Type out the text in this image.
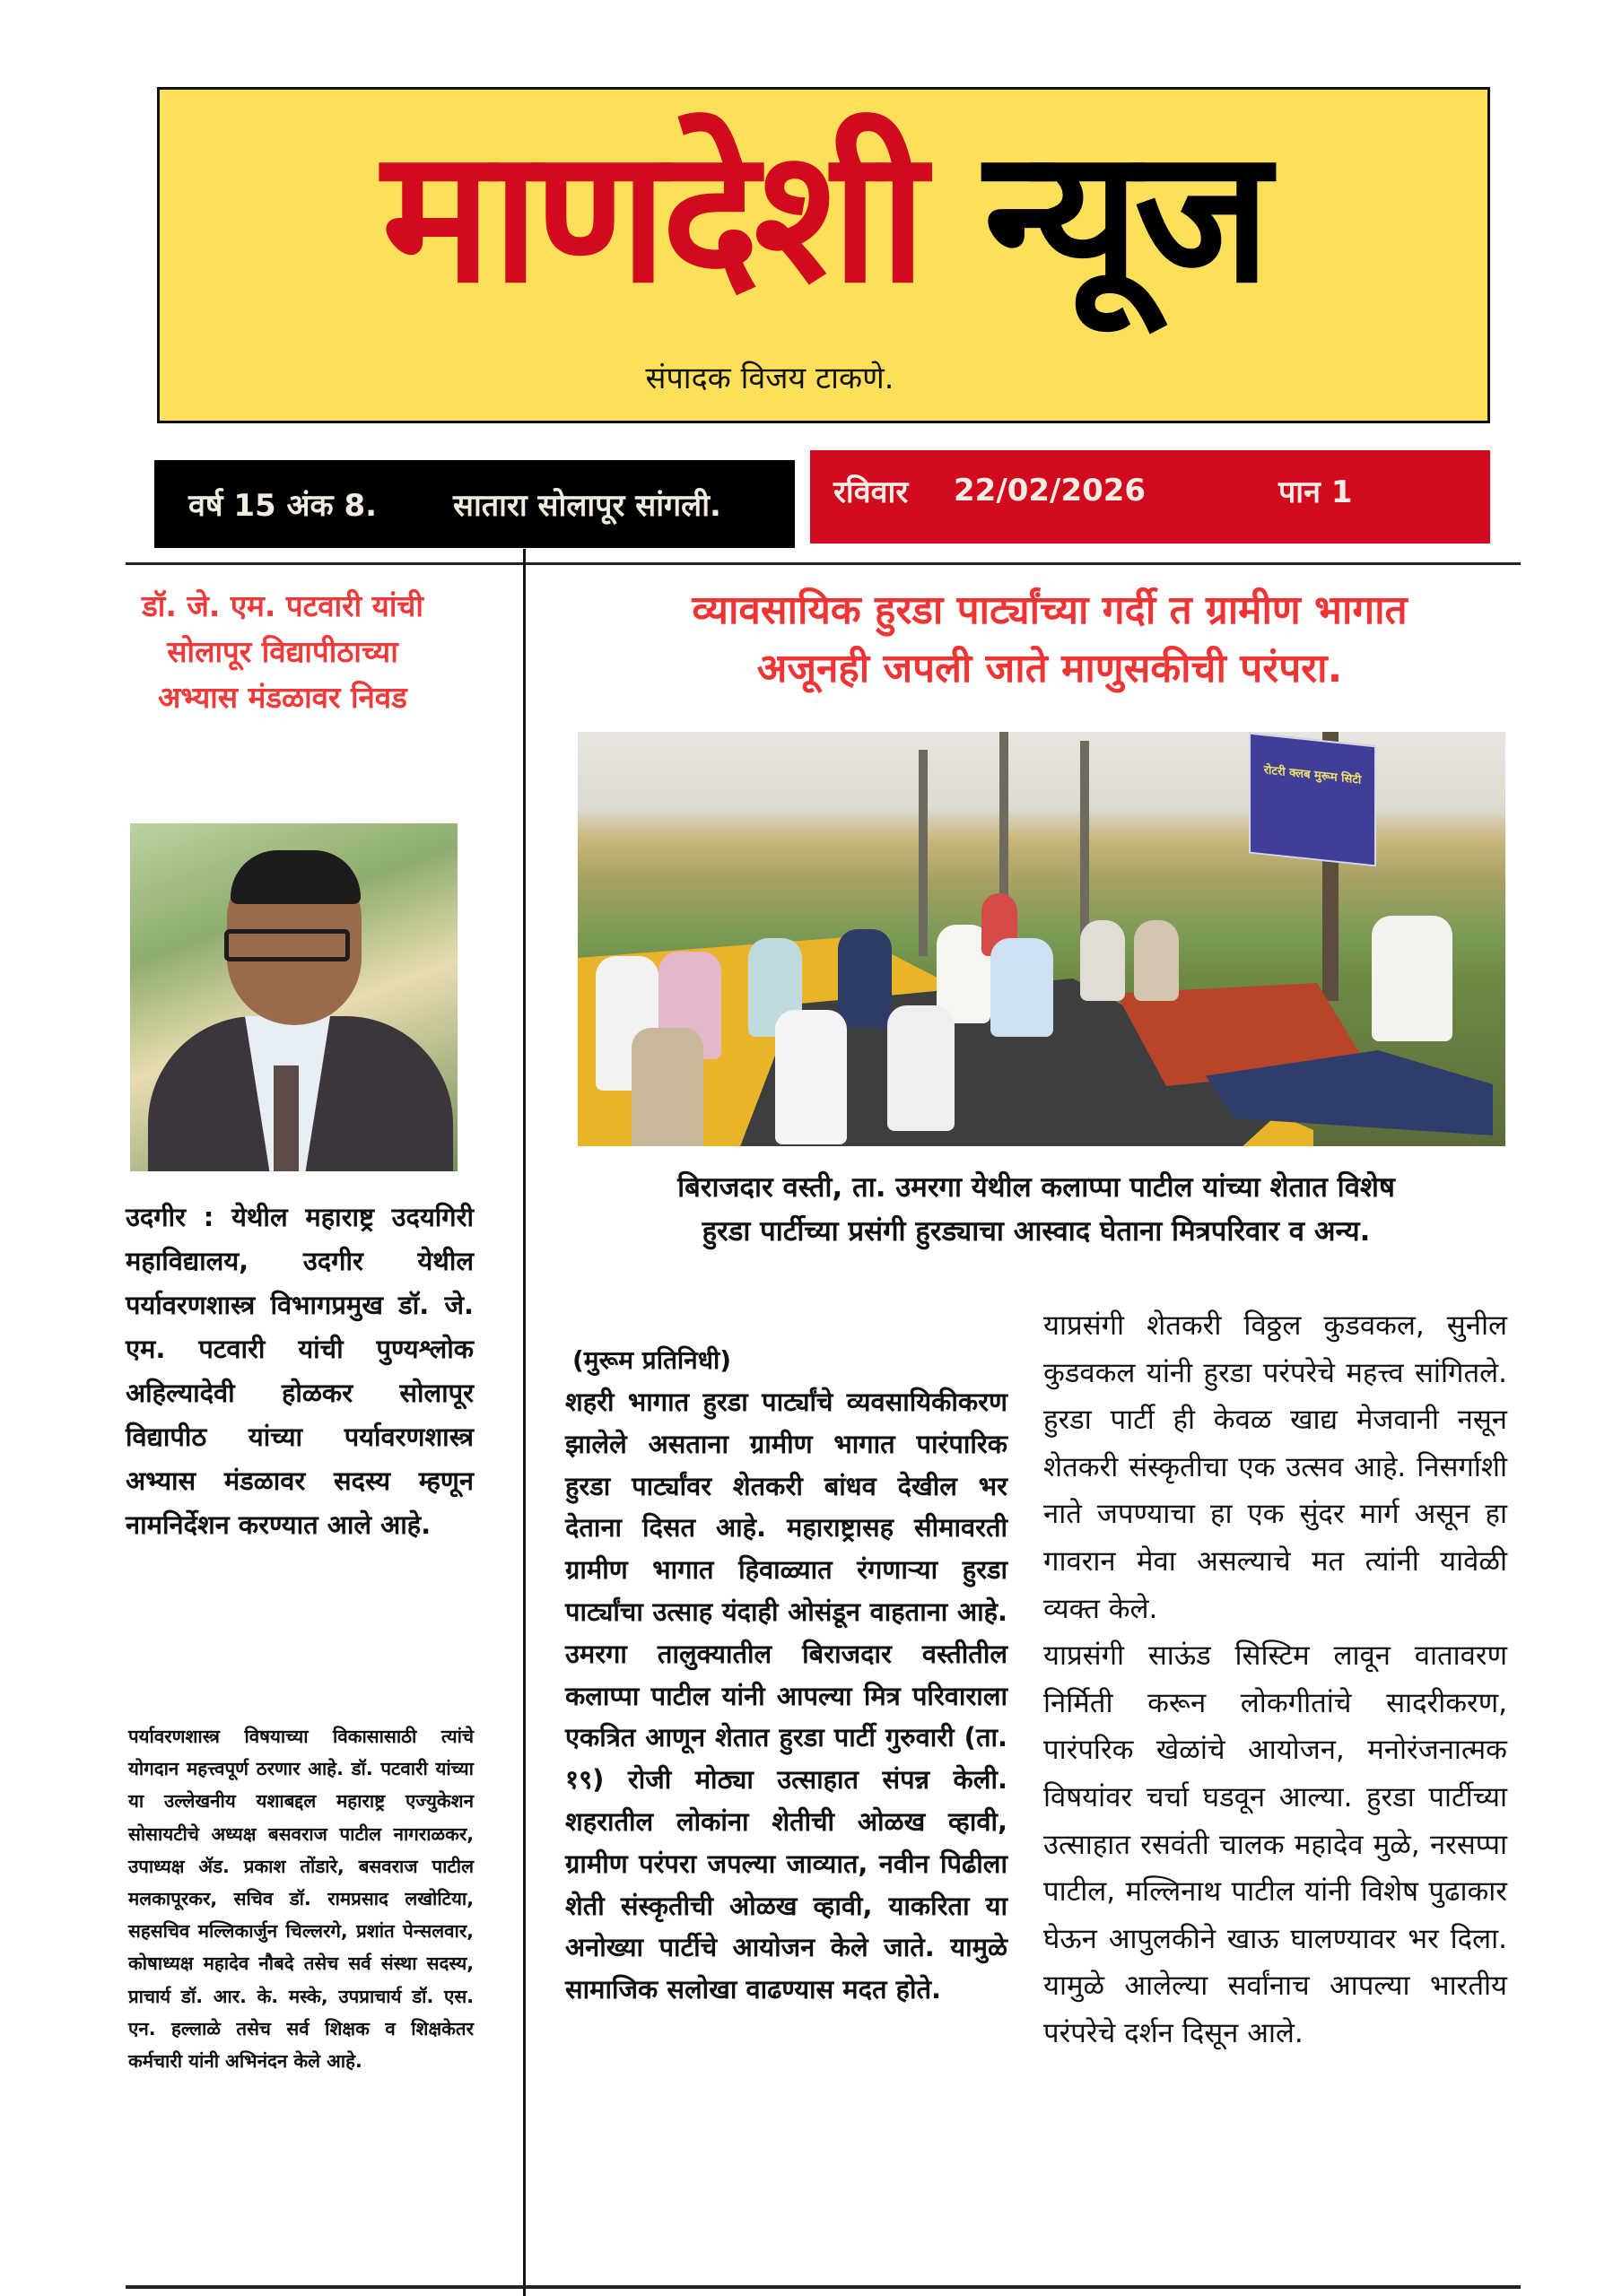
माणदेशी न्यूज
संपादक विजय टाकणे.
वर्ष 15 अंक 8.	सातारा सोलापूर सांगली.	रविवार	22/02/2026	पान 1
डॉ. जे. एम. पटवारी यांची सोलापूर विद्यापीठाच्या अभ्यास मंडळावर निवड
उदगीर : येथील महाराष्ट्र उदयगिरी महाविद्यालय, उदगीर येथील पर्यावरणशास्त्र विभागप्रमुख डॉ. जे. एम. पटवारी यांची पुण्यश्लोक अहिल्यादेवी होळकर सोलापूर विद्यापीठ यांच्या पर्यावरणशास्त्र अभ्यास मंडळावर सदस्य म्हणून नामनिर्देशन करण्यात आले आहे.
पर्यावरणशास्त्र विषयाच्या विकासासाठी त्यांचे योगदान महत्त्वपूर्ण ठरणार आहे. डॉ. पटवारी यांच्या या उल्लेखनीय यशाबद्दल महाराष्ट्र एज्युकेशन सोसायटीचे अध्यक्ष बसवराज पाटील नागराळकर, उपाध्यक्ष ॲड. प्रकाश तोंडारे, बसवराज पाटील मलकापूरकर, सचिव डॉ. रामप्रसाद लखोटिया, सहसचिव मल्लिकार्जुन चिल्लरगे, प्रशांत पेन्सलवार, कोषाध्यक्ष महादेव नौबदे तसेच सर्व संस्था सदस्य, प्राचार्य डॉ. आर. के. मस्के, उपप्राचार्य डॉ. एस. एन. हल्लाळे तसेच सर्व शिक्षक व शिक्षकेतर कर्मचारी यांनी अभिनंदन केले आहे.
व्यावसायिक हुरडा पार्ट्यांच्या गर्दी त ग्रामीण भागात
अजूनही जपली जाते माणुसकीची परंपरा.
रोटरी क्लब मुरूम सिटी
बिराजदार वस्ती, ता. उमरगा येथील कलाप्पा पाटील यांच्या शेतात विशेष
हुरडा पार्टीच्या प्रसंगी हुरड्याचा आस्वाद घेताना मित्रपरिवार व अन्य.
(मुरूम प्रतिनिधी)
शहरी भागात हुरडा पार्ट्यांचे व्यवसायिकीकरण झालेले असताना ग्रामीण भागात पारंपारिक हुरडा पार्ट्यांवर शेतकरी बांधव देखील भर देताना दिसत आहे. महाराष्ट्रासह सीमावरती ग्रामीण भागात हिवाळ्यात रंगणाऱ्या हुरडा पार्ट्यांचा उत्साह यंदाही ओसंडून वाहताना आहे. उमरगा तालुक्यातील बिराजदार वस्तीतील कलाप्पा पाटील यांनी आपल्या मित्र परिवाराला एकत्रित आणून शेतात हुरडा पार्टी गुरुवारी (ता. १९) रोजी मोठ्या उत्साहात संपन्न केली. शहरातील लोकांना शेतीची ओळख व्हावी, ग्रामीण परंपरा जपल्या जाव्यात, नवीन पिढीला शेती संस्कृतीची ओळख व्हावी, याकरिता या अनोख्या पार्टीचे आयोजन केले जाते. यामुळे सामाजिक सलोखा वाढण्यास मदत होते.

याप्रसंगी शेतकरी विठ्ठल कुडवकल, सुनील कुडवकल यांनी हुरडा परंपरेचे महत्त्व सांगितले. हुरडा पार्टी ही केवळ खाद्य मेजवानी नसून शेतकरी संस्कृतीचा एक उत्सव आहे. निसर्गाशी नाते जपण्याचा हा एक सुंदर मार्ग असून हा गावरान मेवा असल्याचे मत त्यांनी यावेळी व्यक्त केले.

याप्रसंगी साऊंड सिस्टिम लावून वातावरण निर्मिती करून लोकगीतांचे सादरीकरण, पारंपरिक खेळांचे आयोजन, मनोरंजनात्मक विषयांवर चर्चा घडवून आल्या. हुरडा पार्टीच्या उत्साहात रसवंती चालक महादेव मुळे, नरसप्पा पाटील, मल्लिनाथ पाटील यांनी विशेष पुढाकार घेऊन आपुलकीने खाऊ घालण्यावर भर दिला. यामुळे आलेल्या सर्वांनाच आपल्या भारतीय परंपरेचे दर्शन दिसून आले.
